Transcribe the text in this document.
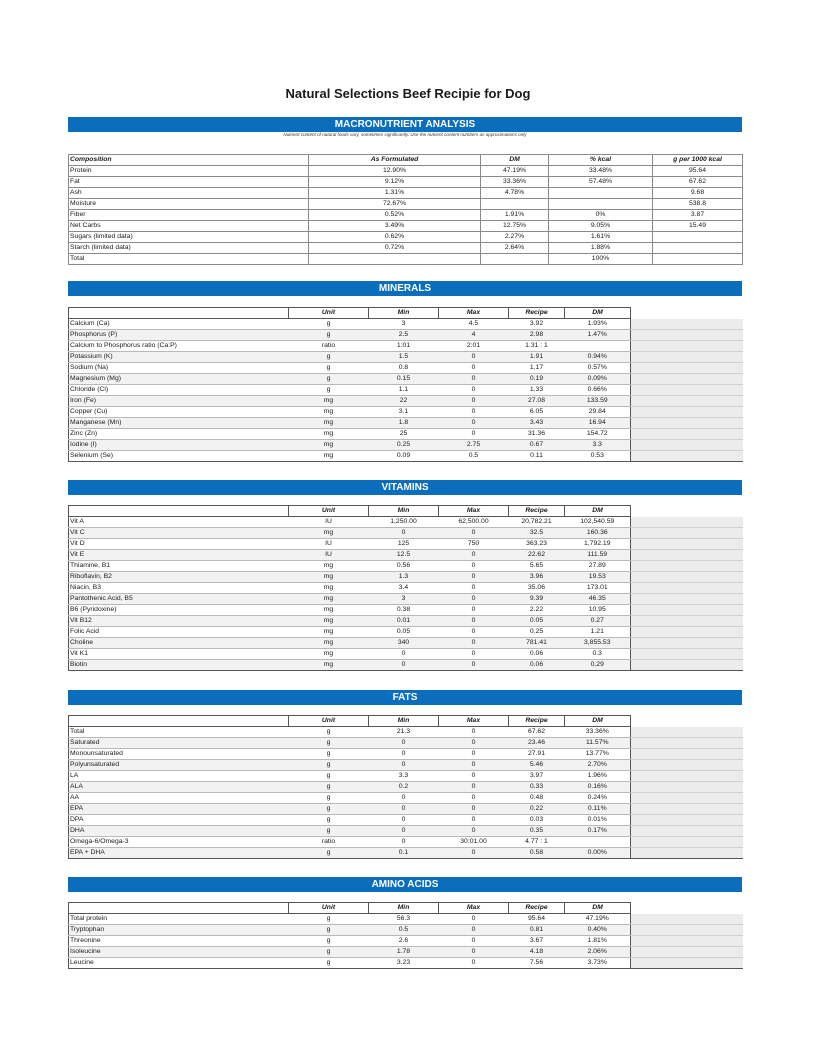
Natural Selections Beef Recipie for Dog
MACRONUTRIENT ANALYSIS
Nutrient content of natural foods vary, sometimes significantly. Use the nutrient content numbers as approximations only
Composition	As Formulated	DM	% kcal	g per 1000 kcal
Protein	12.90%	47.19%	33.48%	95.64
Fat	9.12%	33.36%	57.48%	67.62
Ash	1.31%	4.78%		9.68
Moisture	72.67%			538.8
Fiber	0.52%	1.91%	0%	3.87
Net Carbs	3.49%	12.75%	9.05%	15.49
Sugars (limited data)	0.62%	2.27%	1.61%	
Starch (limited data)	0.72%	2.64%	1.88%	
Total			100%	
MINERALS
	Unit	Min	Max	Recipe	DM	
Calcium (Ca)	g	3	4.5	3.92	1.93%	
Phosphorus (P)	g	2.5	4	2.98	1.47%	
Calcium to Phosphorus ratio (Ca:P)	ratio	1:01	2:01	1.31 : 1		
Potassium (K)	g	1.5	0	1.91	0.94%	
Sodium (Na)	g	0.8	0	1.17	0.57%	
Magnesium (Mg)	g	0.15	0	0.19	0.09%	
Chloride (Cl)	g	1.1	0	1.33	0.66%	
Iron (Fe)	mg	22	0	27.08	133.59	
Copper (Cu)	mg	3.1	0	6.05	29.84	
Manganese (Mn)	mg	1.8	0	3.43	16.94	
Zinc (Zn)	mg	25	0	31.36	154.72	
Iodine (I)	mg	0.25	2.75	0.67	3.3	
Selenium (Se)	mg	0.09	0.5	0.11	0.53	
VITAMINS
	Unit	Min	Max	Recipe	DM	
Vit A	IU	1,250.00	62,500.00	20,782.21	102,540.59	
Vit C	mg	0	0	32.5	160.36	
Vit D	IU	125	750	363.23	1,792.19	
Vit E	IU	12.5	0	22.62	111.59	
Thiamine, B1	mg	0.56	0	5.65	27.89	
Riboflavin, B2	mg	1.3	0	3.96	19.53	
Niacin, B3	mg	3.4	0	35.06	173.01	
Pantothenic Acid, B5	mg	3	0	9.39	46.35	
B6 (Pyridoxine)	mg	0.38	0	2.22	10.95	
Vit B12	mg	0.01	0	0.05	0.27	
Folic Acid	mg	0.05	0	0.25	1.21	
Choline	mg	340	0	781.41	3,855.53	
Vit K1	mg	0	0	0.06	0.3	
Biotin	mg	0	0	0.06	0.29	
FATS
	Unit	Min	Max	Recipe	DM	
Total	g	21.3	0	67.62	33.36%	
Saturated	g	0	0	23.46	11.57%	
Monounsaturated	g	0	0	27.91	13.77%	
Polyunsaturated	g	0	0	5.46	2.70%	
LA	g	3.3	0	3.97	1.96%	
ALA	g	0.2	0	0.33	0.16%	
AA	g	0	0	0.48	0.24%	
EPA	g	0	0	0.22	0.11%	
DPA	g	0	0	0.03	0.01%	
DHA	g	0	0	0.35	0.17%	
Omega-6/Omega-3	ratio	0	30:01.00	4.77 : 1		
EPA + DHA	g	0.1	0	0.58	0.00%	
AMINO ACIDS
	Unit	Min	Max	Recipe	DM	
Total protein	g	56.3	0	95.64	47.19%	
Tryptophan	g	0.5	0	0.81	0.40%	
Threonine	g	2.6	0	3.67	1.81%	
Isoleucine	g	1.78	0	4.18	2.06%	
Leucine	g	3.23	0	7.56	3.73%	
